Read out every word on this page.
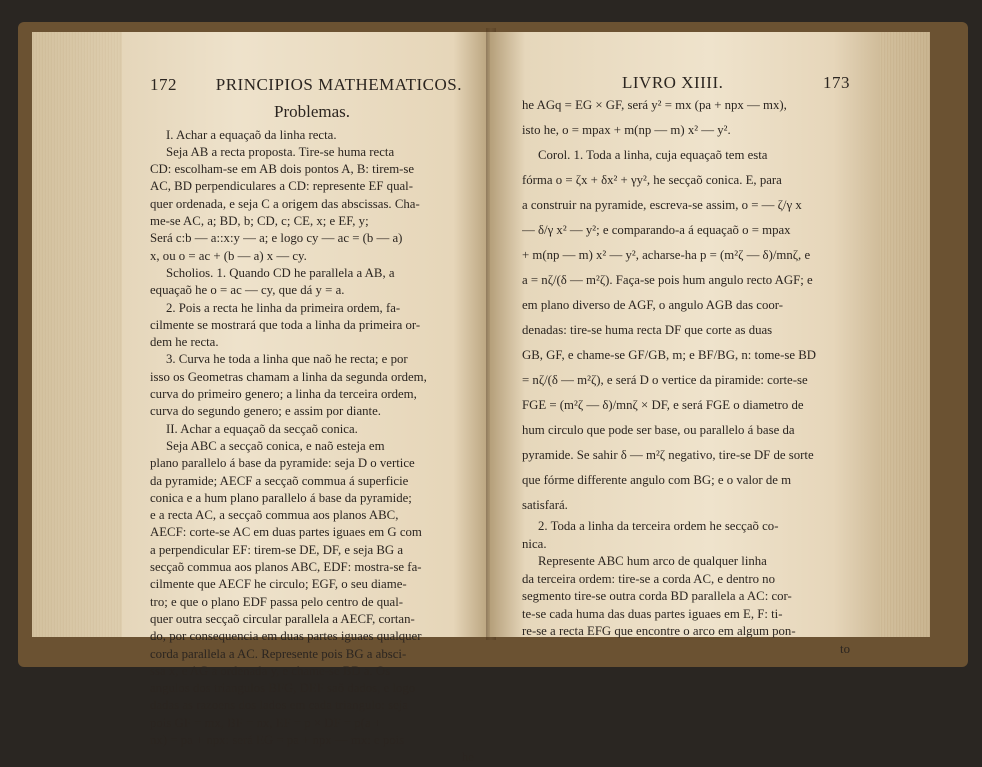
172 PRINCIPIOS MATHEMATICOS.
Problemas.
I. Achar a equaçaõ da linha recta.
Seja AB a recta proposta. Tire-se huma recta
CD: escolham-se em AB dois pontos A, B: tirem-se
AC, BD perpendiculares a CD: represente EF qual-
quer ordenada, e seja C a origem das abscissas. Cha-
me-se AC, a; BD, b; CD, c; CE, x; e EF, y;
Será c:b — a::x:y — a; e logo cy — ac = (b — a)
x, ou o = ac + (b — a) x — cy.
Scholios. 1. Quando CD he parallela a AB, a
equaçaõ he o = ac — cy, que dá y = a.
2. Pois a recta he linha da primeira ordem, fa-
cilmente se mostrará que toda a linha da primeira or-
dem he recta.
3. Curva he toda a linha que naõ he recta; e por
isso os Geometras chamam a linha da segunda ordem,
curva do primeiro genero; a linha da terceira ordem,
curva do segundo genero; e assim por diante.
II. Achar a equaçaõ da secçaõ conica.
Seja ABC a secçaõ conica, e naõ esteja em
plano parallelo á base da pyramide: seja D o vertice
da pyramide; AECF a secçaõ commua á superficie
conica e a hum plano parallelo á base da pyramide;
e a recta AC, a secçaõ commua aos planos ABC,
AECF: corte-se AC em duas partes iguaes em G com
a perpendicular EF: tirem-se DE, DF, e seja BG a
secçaõ commua aos planos ABC, EDF: mostra-se fa-
cilmente que AECF he circulo; EGF, o seu diame-
tro; e que o plano EDF passa pelo centro de qual-
quer outra secçaõ circular parallela a AECF, cortan-
do, por consequencia em duas partes iguaes qualquer
corda parallela a AC. Represente pois BG a absci-
ssa x, e AG a ordenada y, e chame-se BD a. Os
angulos dos triangulos BFG, DEF saõ dados, e logo
dadas as razoens dos lados em cada triangulo: seja
pois GF = mx, BF = nx, EF = p × DF = p(a +
nx) = pa + npx: será EG = pa + npx — mx: e pois
he
LIVRO XIIII.	173
he AGq = EG × GF, será y² = mx (pa + npx — mx),
isto he, o = mpax + m(np — m) x² — y².
Corol. 1. Toda a linha, cuja equaçaõ tem esta
fórma o = ζx + δx² + γy², he secçaõ conica. E, para
a construir na pyramide, escreva-se assim, o = — ζ/γ x
— δ/γ x² — y²; e comparando-a á equaçaõ o = mpax
+ m(np — m) x² — y², acharse-ha p = (m²ζ — δ)/mnζ, e
a = nζ/(δ — m²ζ). Faça-se pois hum angulo recto AGF; e
em plano diverso de AGF, o angulo AGB das coor-
denadas: tire-se huma recta DF que corte as duas
GB, GF, e chame-se GF/GB, m; e BF/BG, n: tome-se BD
= nζ/(δ — m²ζ), e será D o vertice da piramide: corte-se
FGE = (m²ζ — δ)/mnζ × DF, e será FGE o diametro de
hum circulo que pode ser base, ou parallelo á base da
pyramide. Se sahir δ — m²ζ negativo, tire-se DF de sorte
que fórme differente angulo com BG; e o valor de m
satisfará.
2. Toda a linha da terceira ordem he secçaõ co-
nica.
Represente ABC hum arco de qualquer linha
da terceira ordem: tire-se a corda AC, e dentro no
segmento tire-se outra corda BD parallela a AC: cor-
te-se cada huma das duas partes iguaes em E, F: ti-
re-se a recta EFG que encontre o arco em algum pon-
to
